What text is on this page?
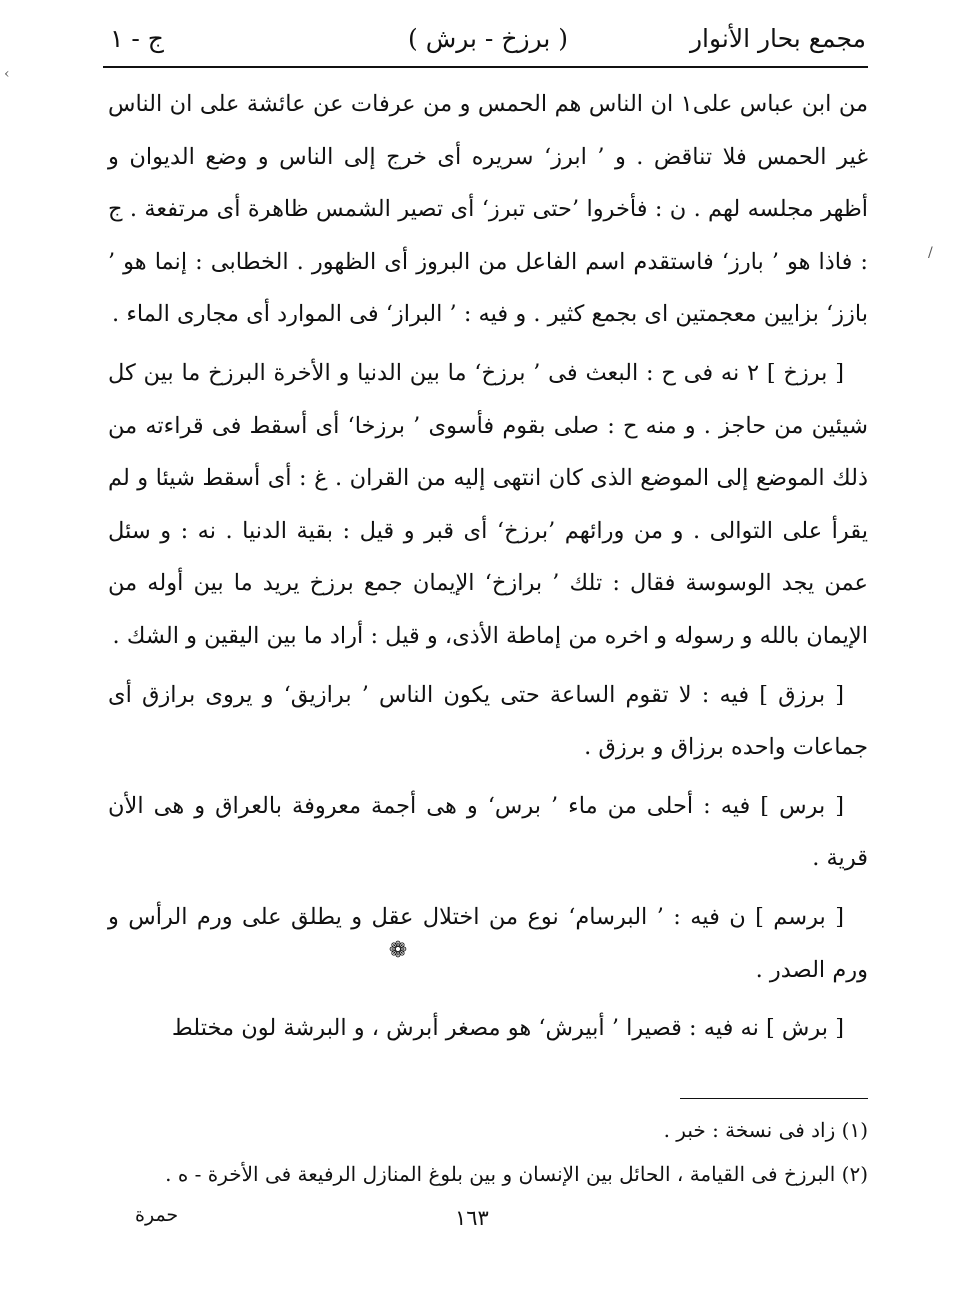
مجمع بحار الأنوار
( برزخ - برش )
ج - ١

من ابن عباس على١ ان الناس هم الحمس و من عرفات عن عائشة على ان الناس غير الحمس فلا تناقض . و ’ ابرز‘ سريره أى خرج إلى الناس و وضع الديوان و أظهر مجلسه لهم . ن : فأخروا ’حتى تبرز‘ أى تصير الشمس ظاهرة أى مرتفعة . ج : فاذا هو ’ بارز‘ فاستقدم اسم الفاعل من البروز أى الظهور . الخطابى : إنما هو ’ بازز‘ بزايين معجمتين اى بجمع كثير . و فيه : ’ البراز‘ فى الموارد أى مجارى الماء .

[ برزخ ] ٢ نه فى ح : البعث فى ’ برزخ‘ ما بين الدنيا و الأخرة البرزخ ما بين كل شيئين من حاجز . و منه ح : صلى بقوم فأسوى ’ برزخا‘ أى أسقط فى قراءته من ذلك الموضع إلى الموضع الذى كان انتهى إليه من القران . غ : أى أسقط شيئا و لم يقرأ على التوالى . و من ورائهم ’برزخ‘ أى قبر و قيل : بقية الدنيا . نه : و سئل عمن يجد الوسوسة فقال : تلك ’ برازخ‘ الإيمان جمع برزخ يريد ما بين أوله من الإيمان بالله و رسوله و اخره من إماطة الأذى، و قيل : أراد ما بين اليقين و الشك .

[ برزق ] فيه : لا تقوم الساعة حتى يكون الناس ’ برازيق‘ و يروى برازق أى جماعات واحده برزاق و برزق .

[ برس ] فيه : أحلى من ماء ’ برس‘ و هى أجمة معروفة بالعراق و هى الأن قرية .

[ برسم ] ن فيه : ’ البرسام‘ نوع من اختلال عقل و يطلق على ورم الرأس و ورم الصدر .

❁

[ برش ] نه فيه : قصيرا ’ أبيرش‘ هو مصغر أبرش ، و البرشة لون مختلط

(١) زاد فى نسخة : خبر .

(٢) البرزخ فى القيامة ، الحائل بين الإنسان و بين بلوغ المنازل الرفيعة فى الأخرة - ه .

حمرة	١٦٣
‹
/
